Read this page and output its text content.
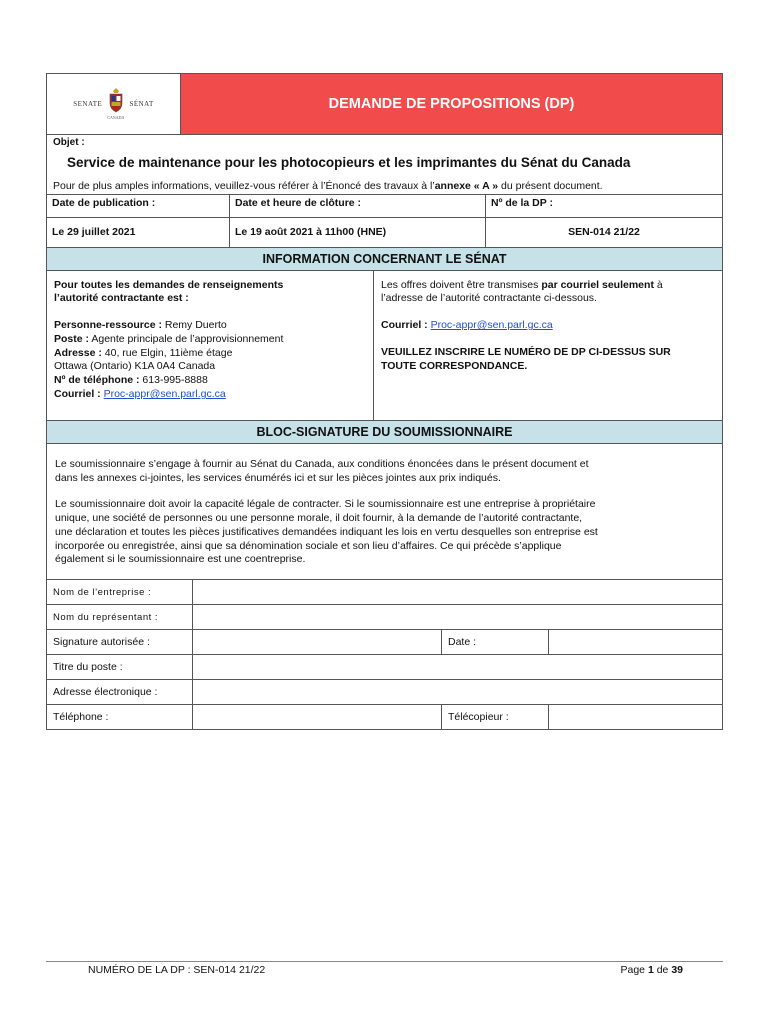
SENATE
CANADA
SÉNAT	DEMANDE DE PROPOSITIONS (DP)
Objet :
Service de maintenance pour les photocopieurs et les imprimantes du Sénat du Canada
Pour de plus amples informations, veuillez-vous référer à l’Énoncé des travaux à l’annexe « A » du présent document.
Date de publication :	Date et heure de clôture :	Nº de la DP :
Le 29 juillet 2021	Le 19 août 2021 à 11h00 (HNE)	SEN-014 21/22
INFORMATION CONCERNANT LE SÉNAT
Pour toutes les demandes de renseignements
l’autorité contractante est :
Personne-ressource : Remy Duerto
Poste : Agente principale de l’approvisionnement
Adresse : 40, rue Elgin, 11ième étage
Ottawa (Ontario) K1A 0A4 Canada
Nº de téléphone : 613-995-8888
Courriel : Proc-appr@sen.parl.gc.ca

Les offres doivent être transmises par courriel seulement à
l’adresse de l’autorité contractante ci-dessous.
Courriel : Proc-appr@sen.parl.gc.ca
VEUILLEZ INSCRIRE LE NUMÉRO DE DP CI-DESSUS SUR
TOUTE CORRESPONDANCE.
BLOC-SIGNATURE DU SOUMISSIONNAIRE
Le soumissionnaire s’engage à fournir au Sénat du Canada, aux conditions énoncées dans le présent document et
dans les annexes ci-jointes, les services énumérés ici et sur les pièces jointes aux prix indiqués.
Le soumissionnaire doit avoir la capacité légale de contracter. Si le soumissionnaire est une entreprise à propriétaire
unique, une société de personnes ou une personne morale, il doit fournir, à la demande de l’autorité contractante,
une déclaration et toutes les pièces justificatives demandées indiquant les lois en vertu desquelles son entreprise est
incorporée ou enregistrée, ainsi que sa dénomination sociale et son lieu d’affaires. Ce qui précède s’applique
également si le soumissionnaire est une coentreprise.
Nom de l’entreprise :			
Nom du représentant :			
Signature autorisée :		Date :	
Titre du poste :			
Adresse électronique :			
Téléphone :		Télécopieur :	
NUMÉRO DE LA DP : SEN-014 21/22	Page 1 de 39
